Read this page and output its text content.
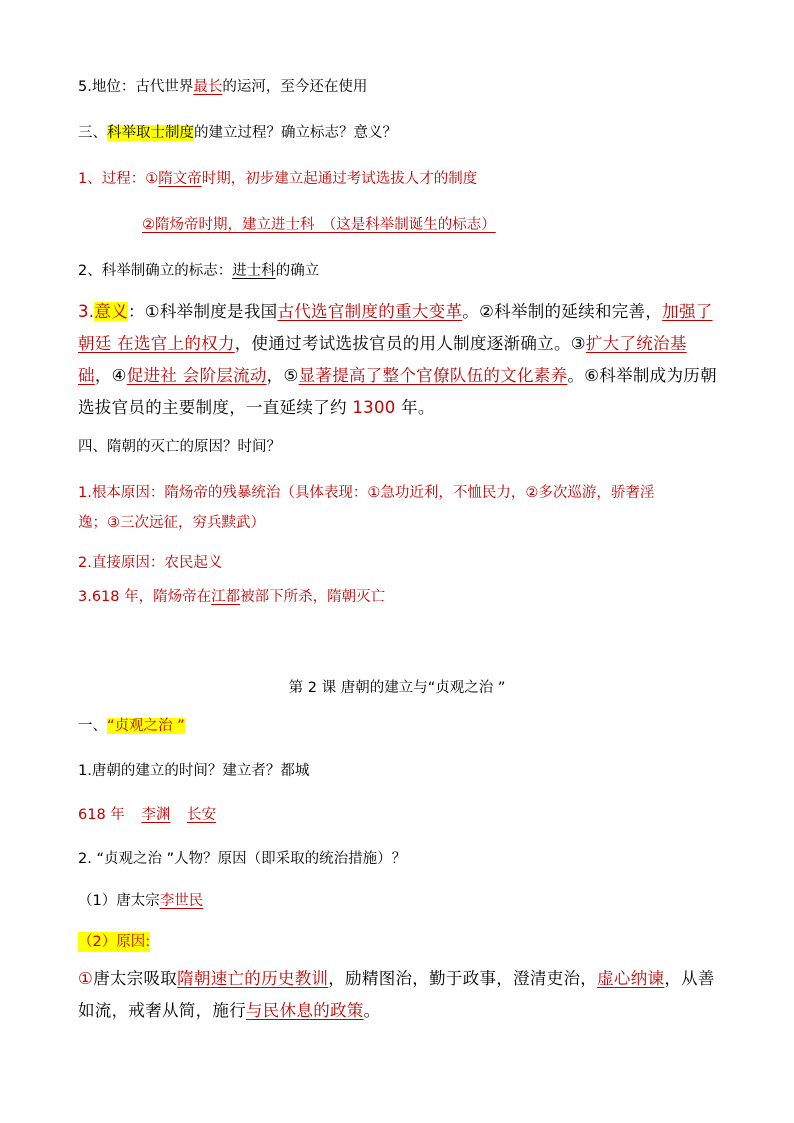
5.地位：古代世界最长的运河，至今还在使用
三、科举取士制度的建立过程？确立标志？意义？
1、过程：①隋文帝时期，初步建立起通过考试选拔人才的制度
②隋炀帝时期，建立进士科　（这是科举制诞生的标志）
2、科举制确立的标志：进士科的确立
3.意义：①科举制度是我国古代选官制度的重大变革。②科举制的延续和完善，加强了朝廷 在选官上的权力，使通过考试选拔官员的用人制度逐渐确立。③扩大了统治基础，④促进社 会阶层流动，⑤显著提高了整个官僚队伍的文化素养。⑥科举制成为历朝选拔官员的主要制度，一直延续了约 1300 年。
四、隋朝的灭亡的原因？时间？
1.根本原因：隋炀帝的残暴统治（具体表现：①急功近利，不恤民力，②多次巡游，骄奢淫
逸；③三次远征，穷兵黩武）
2.直接原因：农民起义
3.618 年，隋炀帝在江都被部下所杀，隋朝灭亡
第 2 课 唐朝的建立与“贞观之治 ”
一、“贞观之治 ”
1.唐朝的建立的时间？建立者？都城
618 年 李渊 长安
2. “贞观之治 ”人物？原因（即采取的统治措施）？
（1）唐太宗李世民
（2）原因:
①唐太宗吸取隋朝速亡的历史教训，励精图治，勤于政事，澄清吏治，虚心纳谏，从善如流，戒奢从简，施行与民休息的政策。
